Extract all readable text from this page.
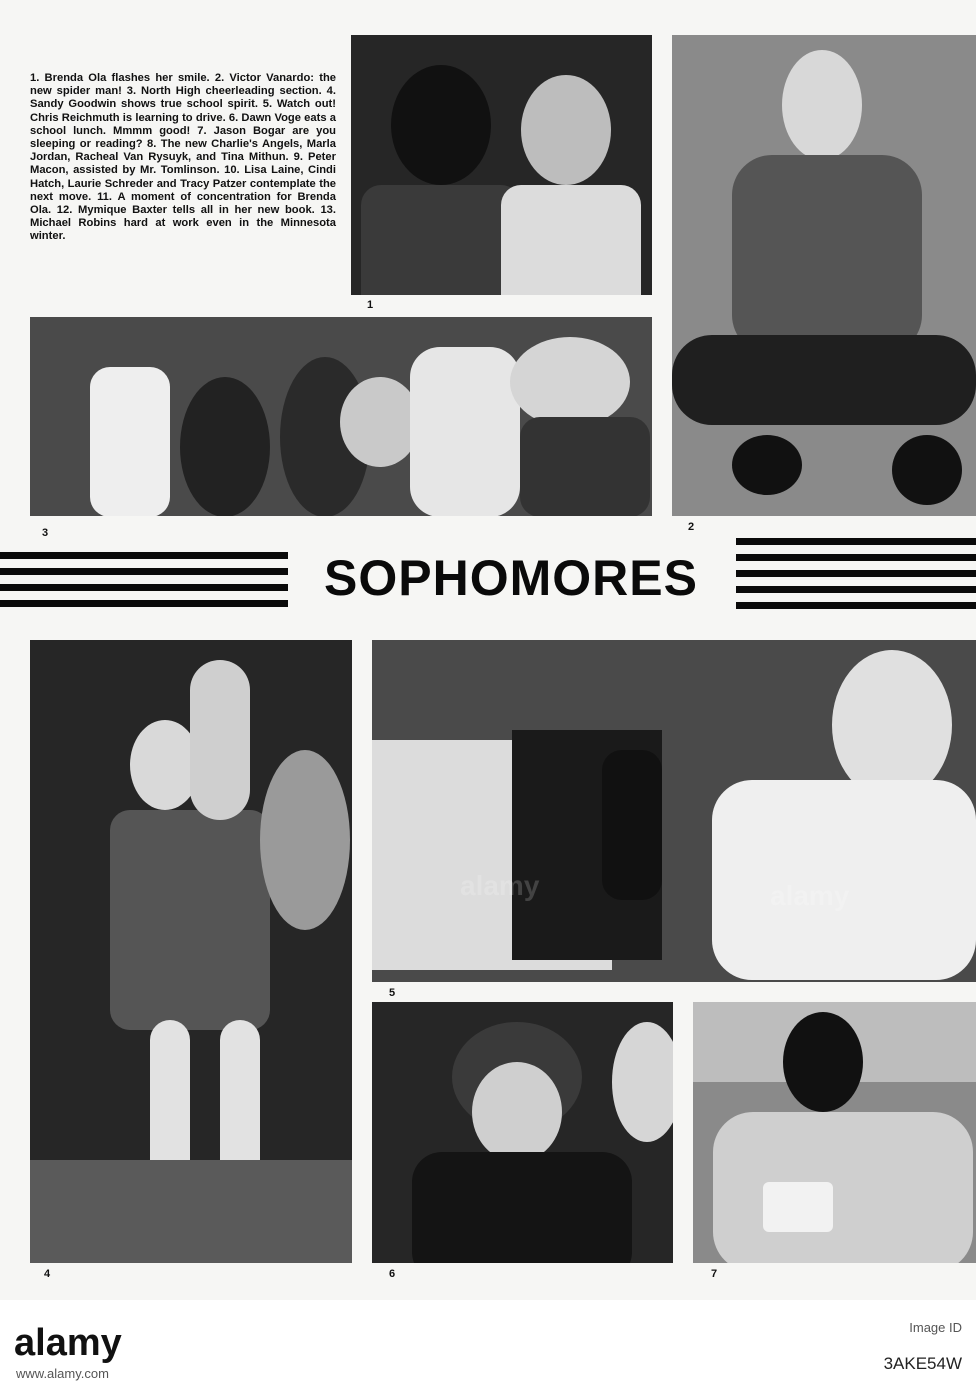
1. Brenda Ola flashes her smile. 2. Victor Vanardo: the new spider man! 3. North High cheerleading section. 4. Sandy Goodwin shows true school spirit. 5. Watch out! Chris Reichmuth is learning to drive. 6. Dawn Voge eats a school lunch. Mmmm good! 7. Jason Bogar are you sleeping or reading? 8. The new Charlie's Angels, Marla Jordan, Racheal Van Rysuyk, and Tina Mithun. 9. Peter Macon, assisted by Mr. Tomlinson. 10. Lisa Laine, Cindi Hatch, Laurie Schreder and Tracy Patzer contemplate the next move. 11. A moment of concentration for Brenda Ola. 12. Mymique Baxter tells all in her new book. 13. Michael Robins hard at work even in the Minnesota winter.
1
2
3
SOPHOMORES
4
5
6	7
alamy
alamy
alamy	Image ID
3AKE54W
www.alamy.com
